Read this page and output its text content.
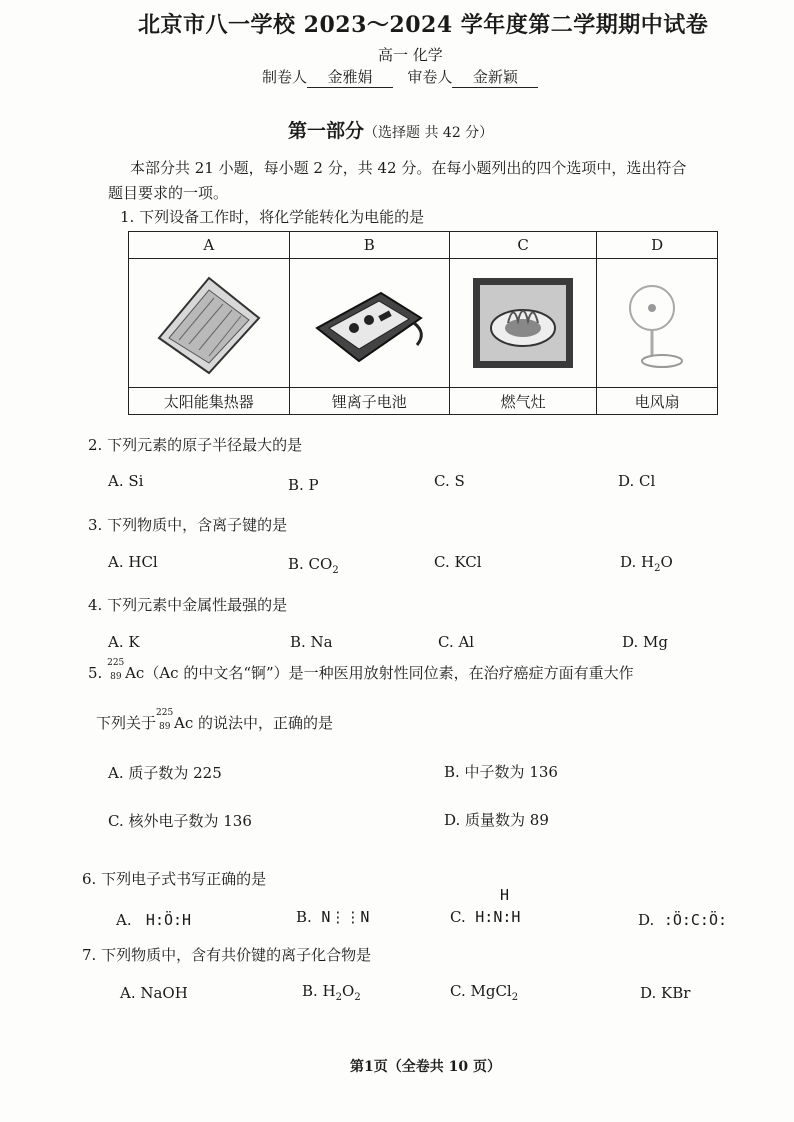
北京市八一学校 2023～2024 学年度第二学期期中试卷
高一 化学
制卷人 金雅娟 审卷人 金新颖
第一部分（选择题 共 42 分）
本部分共 21 小题，每小题 2 分，共 42 分。在每小题列出的四个选项中，选出符合
题目要求的一项。
1. 下列设备工作时，将化学能转化为电能的是
A	B	C	D

太阳能集热器	锂离子电池	燃气灶	电风扇
2. 下列元素的原子半径最大的是
A. Si	B. P	C. S	D. Cl
3. 下列物质中，含离子键的是
A. HCl	B. $CO_2$	C. KCl	D. $H_2O$
4. 下列元素中金属性最强的是
A. K	B. Na	C. Al	D. Mg
5.
225
89 Ac（Ac 的中文名“锕”）是一种医用放射性同位素，在治疗癌症方面有重大作
下列关于
225
89 Ac 的说法中，正确的是
A. 质子数为 225	B. 中子数为 136
C. 核外电子数为 136	D. 质量数为 89
6. 下列电子式书写正确的是
A. H:Ö:H	B. N⋮⋮N
H
C. H:N:H	D. :Ö:C:Ö:
7. 下列物质中，含有共价键的离子化合物是
A. NaOH	B. $H_2O_2$	C. MgCl$_2$	D. KBr
第1页（全卷共 10 页）
